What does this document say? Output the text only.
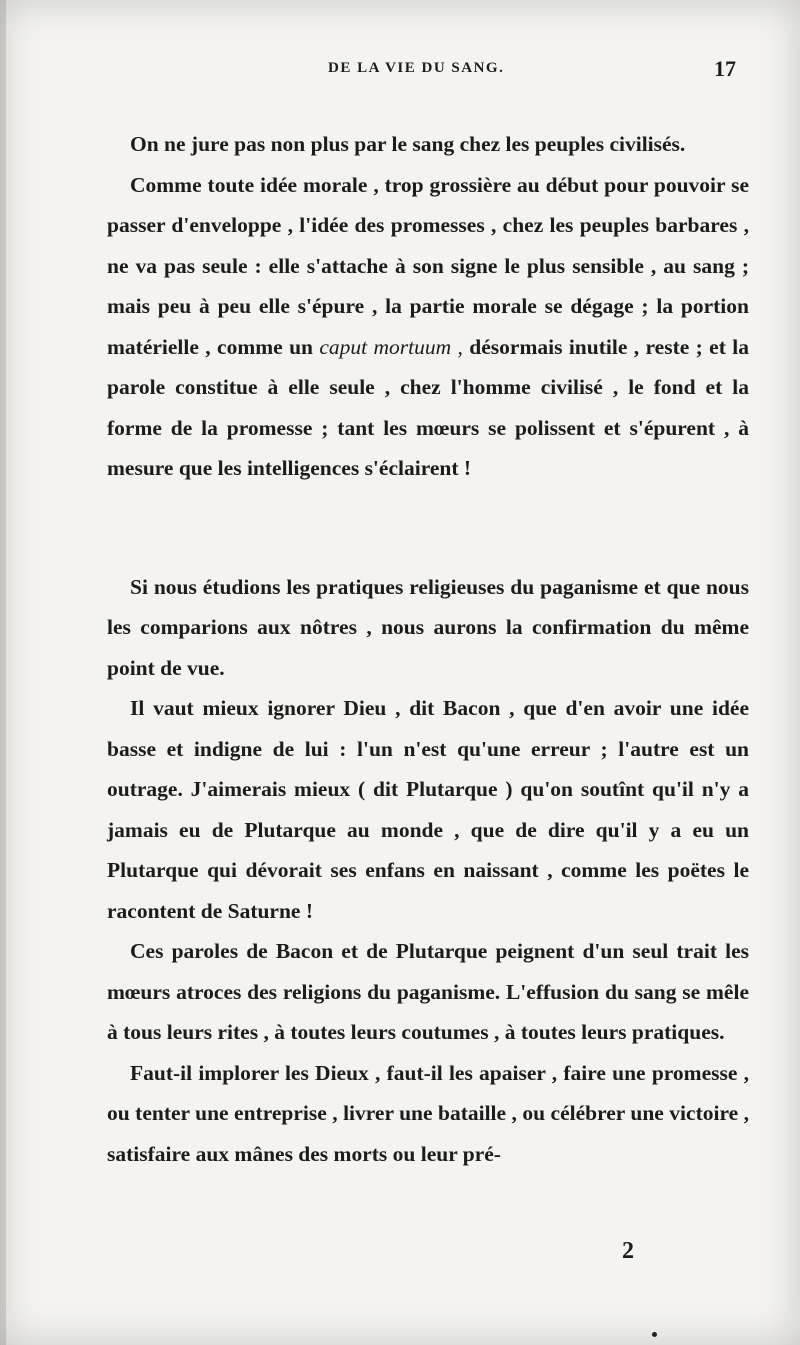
DE LA VIE DU SANG.	17

On ne jure pas non plus par le sang chez les peuples civilisés.

Comme toute idée morale , trop grossière au début pour pouvoir se passer d'enveloppe , l'idée des promesses , chez les peuples barbares , ne va pas seule : elle s'attache à son signe le plus sensible , au sang ; mais peu à peu elle s'épure , la partie morale se dégage ; la portion matérielle , comme un caput mortuum , désormais inutile , reste ; et la parole constitue à elle seule , chez l'homme civilisé , le fond et la forme de la promesse ; tant les mœurs se polissent et s'épurent , à mesure que les intelligences s'éclairent !

Si nous étudions les pratiques religieuses du paganisme et que nous les comparions aux nôtres , nous aurons la confirmation du même point de vue.

Il vaut mieux ignorer Dieu , dit Bacon , que d'en avoir une idée basse et indigne de lui : l'un n'est qu'une erreur ; l'autre est un outrage. J'aimerais mieux ( dit Plutarque ) qu'on soutînt qu'il n'y a jamais eu de Plutarque au monde , que de dire qu'il y a eu un Plutarque qui dévorait ses enfans en naissant , comme les poëtes le racontent de Saturne !

Ces paroles de Bacon et de Plutarque peignent d'un seul trait les mœurs atroces des religions du paganisme. L'effusion du sang se mêle à tous leurs rites , à toutes leurs coutumes , à toutes leurs pratiques.

Faut-il implorer les Dieux , faut-il les apaiser , faire une promesse , ou tenter une entreprise , livrer une bataille , ou célébrer une victoire , satisfaire aux mânes des morts ou leur pré-

2
